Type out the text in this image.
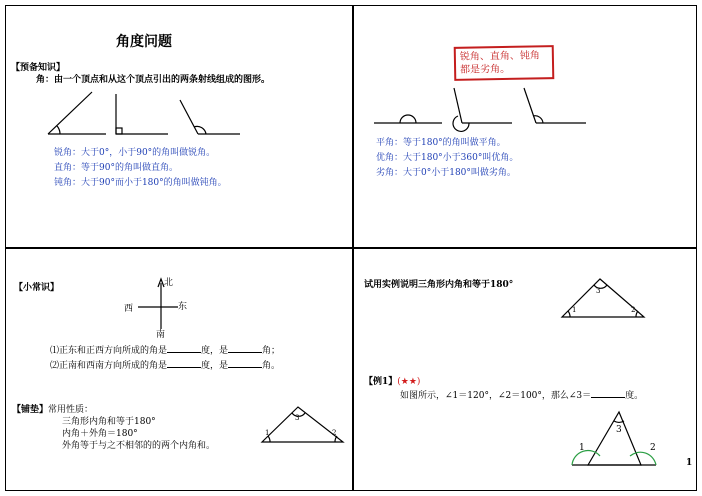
角度问题
【预备知识】
角：由一个顶点和从这个顶点引出的两条射线组成的图形。
锐角：大于0°，小于90°的角叫做锐角。
直角：等于90°的角叫做直角。
钝角：大于90°而小于180°的角叫做钝角。
锐角、直角、钝角
都是劣角。
平角：等于180°的角叫做平角。
优角：大于180°小于360°叫优角。
劣角：大于0°小于180°叫做劣角。
【小常识】	北
南
东
西
⑴正东和正西方向所成的角是	度，是	角；
⑵正南和西南方向所成的角是	度，是	角。
【铺垫】常用性质：
三角形内角和等于180°
内角＋外角＝180°
外角等于与之不相邻的的两个内角和。
1	2
3
试用实例说明三角形内角和等于180°
1	2
3
【例1】(★★)
如图所示，∠1＝120°，∠2＝100°，那么∠3＝	度。
1	2
3
1
